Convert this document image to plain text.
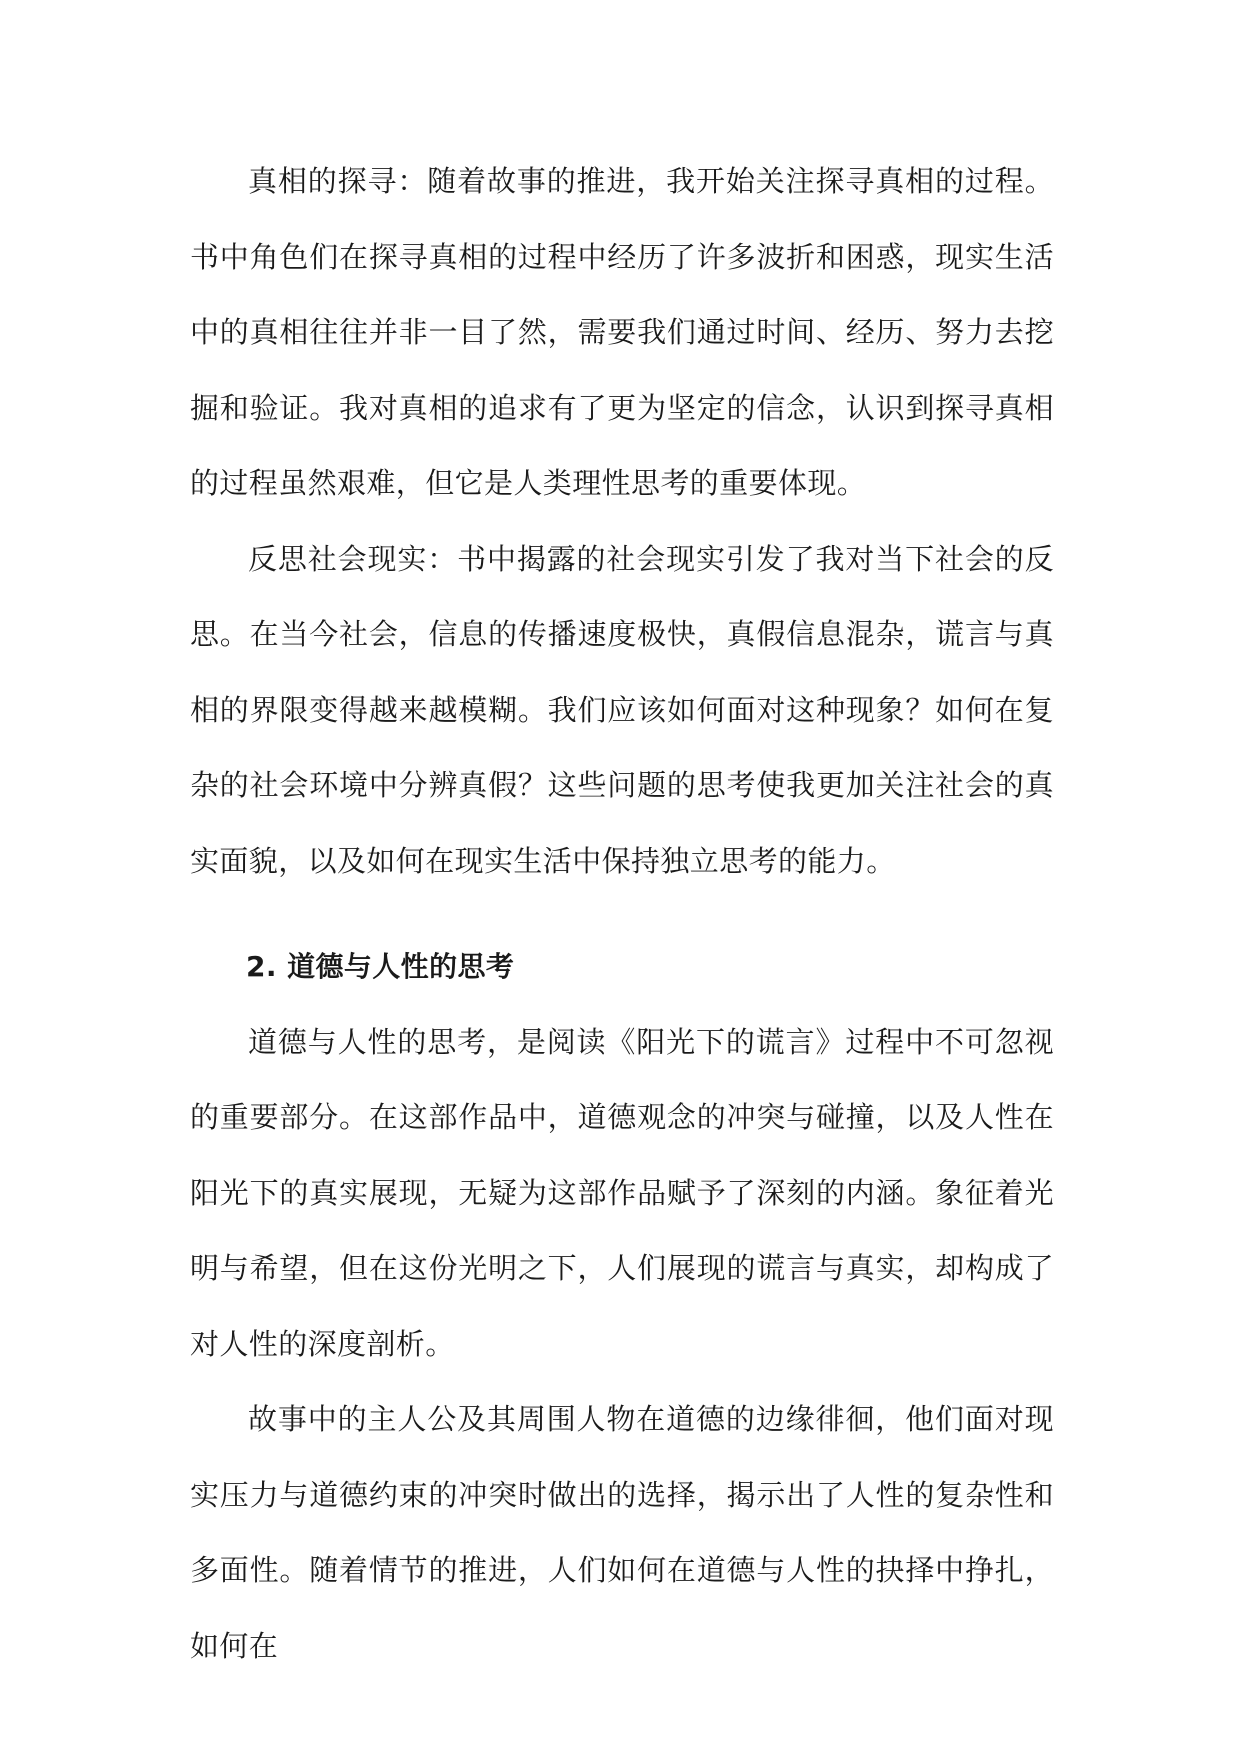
真相的探寻：随着故事的推进，我开始关注探寻真相的过程。书中角色们在探寻真相的过程中经历了许多波折和困惑，现实生活中的真相往往并非一目了然，需要我们通过时间、经历、努力去挖掘和验证。我对真相的追求有了更为坚定的信念，认识到探寻真相的过程虽然艰难，但它是人类理性思考的重要体现。

反思社会现实：书中揭露的社会现实引发了我对当下社会的反思。在当今社会，信息的传播速度极快，真假信息混杂，谎言与真相的界限变得越来越模糊。我们应该如何面对这种现象？如何在复杂的社会环境中分辨真假？这些问题的思考使我更加关注社会的真实面貌，以及如何在现实生活中保持独立思考的能力。

2. 道德与人性的思考

道德与人性的思考，是阅读《阳光下的谎言》过程中不可忽视的重要部分。在这部作品中，道德观念的冲突与碰撞，以及人性在阳光下的真实展现，无疑为这部作品赋予了深刻的内涵。象征着光明与希望，但在这份光明之下，人们展现的谎言与真实，却构成了对人性的深度剖析。

故事中的主人公及其周围人物在道德的边缘徘徊，他们面对现实压力与道德约束的冲突时做出的选择，揭示出了人性的复杂性和多面性。随着情节的推进，人们如何在道德与人性的抉择中挣扎，如何在
